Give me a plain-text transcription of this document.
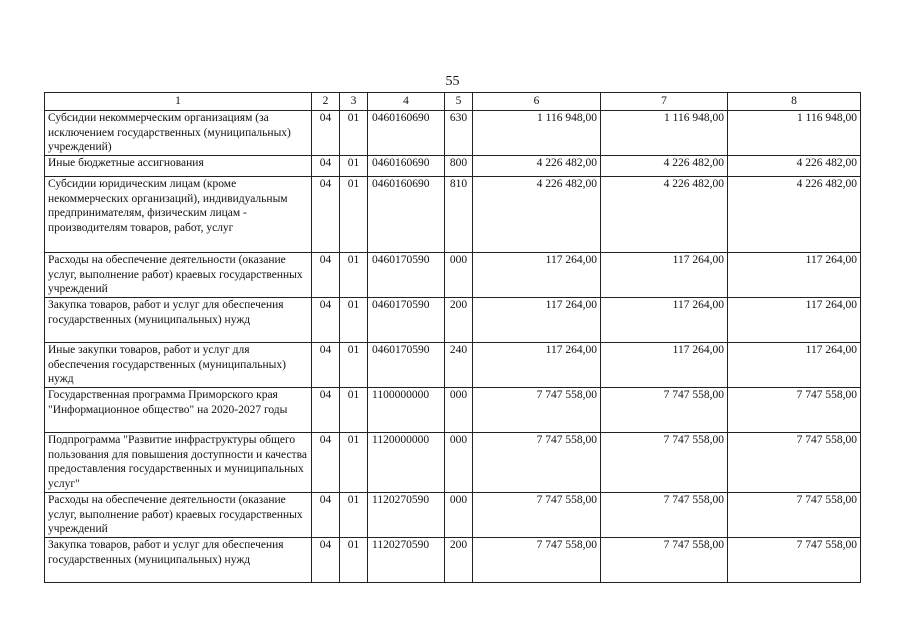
55
1	2	3	4	5	6	7	8
Субсидии некоммерческим организациям (за исключением государственных (муниципальных) учреждений)	04	01	0460160690	630	1 116 948,00	1 116 948,00	1 116 948,00
Иные бюджетные ассигнования	04	01	0460160690	800	4 226 482,00	4 226 482,00	4 226 482,00
Субсидии юридическим лицам (кроме некоммерческих организаций), индивидуальным предпринимателям, физическим лицам - производителям товаров, работ, услуг	04	01	0460160690	810	4 226 482,00	4 226 482,00	4 226 482,00
Расходы на обеспечение деятельности (оказание услуг, выполнение работ) краевых государственных учреждений	04	01	0460170590	000	117 264,00	117 264,00	117 264,00
Закупка товаров, работ и услуг для обеспечения государственных (муниципальных) нужд	04	01	0460170590	200	117 264,00	117 264,00	117 264,00
Иные закупки товаров, работ и услуг для обеспечения государственных (муниципальных) нужд	04	01	0460170590	240	117 264,00	117 264,00	117 264,00
Государственная программа Приморского края "Информационное общество" на 2020-2027 годы	04	01	1100000000	000	7 747 558,00	7 747 558,00	7 747 558,00
Подпрограмма "Развитие инфраструктуры общего пользования для повышения доступности и качества предоставления государственных и муниципальных услуг"	04	01	1120000000	000	7 747 558,00	7 747 558,00	7 747 558,00
Расходы на обеспечение деятельности (оказание услуг, выполнение работ) краевых государственных учреждений	04	01	1120270590	000	7 747 558,00	7 747 558,00	7 747 558,00
Закупка товаров, работ и услуг для обеспечения государственных (муниципальных) нужд	04	01	1120270590	200	7 747 558,00	7 747 558,00	7 747 558,00
